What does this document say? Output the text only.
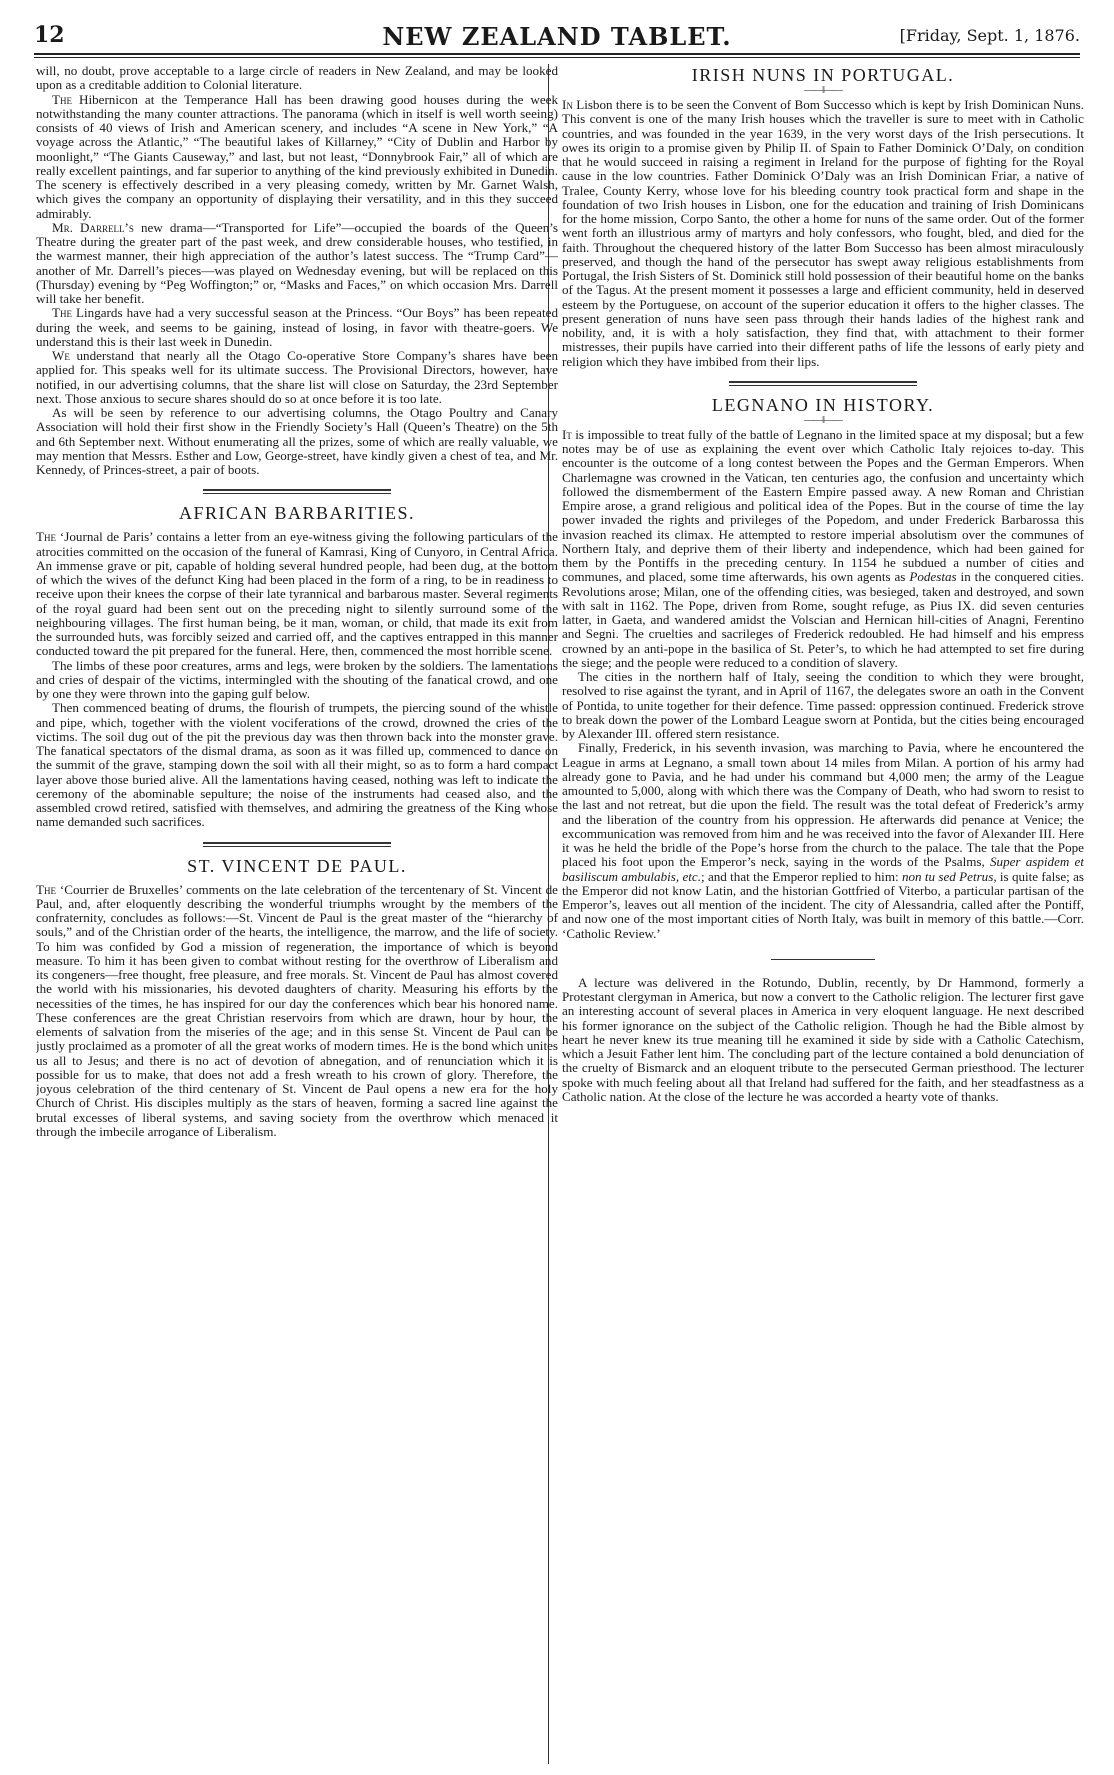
12	NEW ZEALAND TABLET.	[Friday, Sept. 1, 1876.

will, no doubt, prove acceptable to a large circle of readers in New Zealand, and may be looked upon as a creditable addition to Colonial literature.

The Hibernicon at the Temperance Hall has been drawing good houses during the week notwithstanding the many counter attractions. The panorama (which in itself is well worth seeing) consists of 40 views of Irish and American scenery, and includes “A scene in New York,” “A voyage across the Atlantic,” “The beautiful lakes of Killarney,” “City of Dublin and Harbor by moonlight,” “The Giants Causeway,” and last, but not least, “Donnybrook Fair,” all of which are really excellent paintings, and far superior to anything of the kind previously exhibited in Dunedin. The scenery is effectively described in a very pleasing comedy, written by Mr. Garnet Walsh, which gives the company an opportunity of displaying their versatility, and in this they succeed admirably.

Mr. Darrell’s new drama—“Transported for Life”—occupied the boards of the Queen’s Theatre during the greater part of the past week, and drew considerable houses, who testified, in the warmest manner, their high appreciation of the author’s latest success. The “Trump Card”—another of Mr. Darrell’s pieces—was played on Wednesday evening, but will be replaced on this (Thursday) evening by “Peg Woffington;” or, “Masks and Faces,” on which occasion Mrs. Darrell will take her benefit.

The Lingards have had a very successful season at the Princess. “Our Boys” has been repeated during the week, and seems to be gaining, instead of losing, in favor with theatre-goers. We understand this is their last week in Dunedin.

We understand that nearly all the Otago Co-operative Store Company’s shares have been applied for. This speaks well for its ultimate success. The Provisional Directors, however, have notified, in our advertising columns, that the share list will close on Saturday, the 23rd September next. Those anxious to secure shares should do so at once before it is too late.

As will be seen by reference to our advertising columns, the Otago Poultry and Canary Association will hold their first show in the Friendly Society’s Hall (Queen’s Theatre) on the 5th and 6th September next. Without enumerating all the prizes, some of which are really valuable, we may mention that Messrs. Esther and Low, George-street, have kindly given a chest of tea, and Mr. Kennedy, of Princes-street, a pair of boots.

AFRICAN BARBARITIES.

The ‘Journal de Paris’ contains a letter from an eye-witness giving the following particulars of the atrocities committed on the occasion of the funeral of Kamrasi, King of Cunyoro, in Central Africa. An immense grave or pit, capable of holding several hundred people, had been dug, at the bottom of which the wives of the defunct King had been placed in the form of a ring, to be in readiness to receive upon their knees the corpse of their late tyrannical and barbarous master. Several regiments of the royal guard had been sent out on the preceding night to silently surround some of the neighbouring villages. The first human being, be it man, woman, or child, that made its exit from the surrounded huts, was forcibly seized and carried off, and the captives entrapped in this manner conducted toward the pit prepared for the funeral. Here, then, commenced the most horrible scene.

The limbs of these poor creatures, arms and legs, were broken by the soldiers. The lamentations and cries of despair of the victims, intermingled with the shouting of the fanatical crowd, and one by one they were thrown into the gaping gulf below.

Then commenced beating of drums, the flourish of trumpets, the piercing sound of the whistle and pipe, which, together with the violent vociferations of the crowd, drowned the cries of the victims. The soil dug out of the pit the previous day was then thrown back into the monster grave. The fanatical spectators of the dismal drama, as soon as it was filled up, commenced to dance on the summit of the grave, stamping down the soil with all their might, so as to form a hard compact layer above those buried alive. All the lamentations having ceased, nothing was left to indicate the ceremony of the abominable sepulture; the noise of the instruments had ceased also, and the assembled crowd retired, satisfied with themselves, and admiring the greatness of the King whose name demanded such sacrifices.

ST. VINCENT DE PAUL.

The ‘Courrier de Bruxelles’ comments on the late celebration of the tercentenary of St. Vincent de Paul, and, after eloquently describing the wonderful triumphs wrought by the members of the confraternity, concludes as follows:—St. Vincent de Paul is the great master of the “hierarchy of souls,” and of the Christian order of the hearts, the intelligence, the marrow, and the life of society. To him was confided by God a mission of regeneration, the importance of which is beyond measure. To him it has been given to combat without resting for the overthrow of Liberalism and its congeners—free thought, free pleasure, and free morals. St. Vincent de Paul has almost covered the world with his missionaries, his devoted daughters of charity. Measuring his efforts by the necessities of the times, he has inspired for our day the conferences which bear his honored name. These conferences are the great Christian reservoirs from which are drawn, hour by hour, the elements of salvation from the miseries of the age; and in this sense St. Vincent de Paul can be justly proclaimed as a promoter of all the great works of modern times. He is the bond which unites us all to Jesus; and there is no act of devotion of abnegation, and of renunciation which it is possible for us to make, that does not add a fresh wreath to his crown of glory. Therefore, the joyous celebration of the third centenary of St. Vincent de Paul opens a new era for the holy Church of Christ. His disciples multiply as the stars of heaven, forming a sacred line against the brutal excesses of liberal systems, and saving society from the overthrow which menaced it through the imbecile arrogance of Liberalism.

IRISH NUNS IN PORTUGAL.
——‖——

In Lisbon there is to be seen the Convent of Bom Successo which is kept by Irish Dominican Nuns. This convent is one of the many Irish houses which the traveller is sure to meet with in Catholic countries, and was founded in the year 1639, in the very worst days of the Irish persecutions. It owes its origin to a promise given by Philip II. of Spain to Father Dominick O’Daly, on condition that he would succeed in raising a regiment in Ireland for the purpose of fighting for the Royal cause in the low countries. Father Dominick O’Daly was an Irish Dominican Friar, a native of Tralee, County Kerry, whose love for his bleeding country took practical form and shape in the foundation of two Irish houses in Lisbon, one for the education and training of Irish Dominicans for the home mission, Corpo Santo, the other a home for nuns of the same order. Out of the former went forth an illustrious army of martyrs and holy confessors, who fought, bled, and died for the faith. Throughout the chequered history of the latter Bom Successo has been almost miraculously preserved, and though the hand of the persecutor has swept away religious establishments from Portugal, the Irish Sisters of St. Dominick still hold possession of their beautiful home on the banks of the Tagus. At the present moment it possesses a large and efficient community, held in deserved esteem by the Portuguese, on account of the superior education it offers to the higher classes. The present generation of nuns have seen pass through their hands ladies of the highest rank and nobility, and, it is with a holy satisfaction, they find that, with attachment to their former mistresses, their pupils have carried into their different paths of life the lessons of early piety and religion which they have imbibed from their lips.

LEGNANO IN HISTORY.
——‖——

It is impossible to treat fully of the battle of Legnano in the limited space at my disposal; but a few notes may be of use as explaining the event over which Catholic Italy rejoices to-day. This encounter is the outcome of a long contest between the Popes and the German Emperors. When Charlemagne was crowned in the Vatican, ten centuries ago, the confusion and uncertainty which followed the dismemberment of the Eastern Empire passed away. A new Roman and Christian Empire arose, a grand religious and political idea of the Popes. But in the course of time the lay power invaded the rights and privileges of the Popedom, and under Frederick Barbarossa this invasion reached its climax. He attempted to restore imperial absolutism over the communes of Northern Italy, and deprive them of their liberty and independence, which had been gained for them by the Pontiffs in the preceding century. In 1154 he subdued a number of cities and communes, and placed, some time afterwards, his own agents as Podestas in the conquered cities. Revolutions arose; Milan, one of the offending cities, was besieged, taken and destroyed, and sown with salt in 1162. The Pope, driven from Rome, sought refuge, as Pius IX. did seven centuries latter, in Gaeta, and wandered amidst the Volscian and Hernican hill-cities of Anagni, Ferentino and Segni. The cruelties and sacrileges of Frederick redoubled. He had himself and his empress crowned by an anti-pope in the basilica of St. Peter’s, to which he had attempted to set fire during the siege; and the people were reduced to a condition of slavery.

The cities in the northern half of Italy, seeing the condition to which they were brought, resolved to rise against the tyrant, and in April of 1167, the delegates swore an oath in the Convent of Pontida, to unite together for their defence. Time passed: oppression continued. Frederick strove to break down the power of the Lombard League sworn at Pontida, but the cities being encouraged by Alexander III. offered stern resistance.

Finally, Frederick, in his seventh invasion, was marching to Pavia, where he encountered the League in arms at Legnano, a small town about 14 miles from Milan. A portion of his army had already gone to Pavia, and he had under his command but 4,000 men; the army of the League amounted to 5,000, along with which there was the Company of Death, who had sworn to resist to the last and not retreat, but die upon the field. The result was the total defeat of Frederick’s army and the liberation of the country from his oppression. He afterwards did penance at Venice; the excommunication was removed from him and he was received into the favor of Alexander III. Here it was he held the bridle of the Pope’s horse from the church to the palace. The tale that the Pope placed his foot upon the Emperor’s neck, saying in the words of the Psalms, Super aspidem et basiliscum ambulabis, etc.; and that the Emperor replied to him: non tu sed Petrus, is quite false; as the Emperor did not know Latin, and the historian Gottfried of Viterbo, a particular partisan of the Emperor’s, leaves out all mention of the incident. The city of Alessandria, called after the Pontiff, and now one of the most important cities of North Italy, was built in memory of this battle.—Corr. ‘Catholic Review.’

A lecture was delivered in the Rotundo, Dublin, recently, by Dr Hammond, formerly a Protestant clergyman in America, but now a convert to the Catholic religion. The lecturer first gave an interesting account of several places in America in very eloquent language. He next described his former ignorance on the subject of the Catholic religion. Though he had the Bible almost by heart he never knew its true meaning till he examined it side by side with a Catholic Catechism, which a Jesuit Father lent him. The concluding part of the lecture contained a bold denunciation of the cruelty of Bismarck and an eloquent tribute to the persecuted German priesthood. The lecturer spoke with much feeling about all that Ireland had suffered for the faith, and her steadfastness as a Catholic nation. At the close of the lecture he was accorded a hearty vote of thanks.
